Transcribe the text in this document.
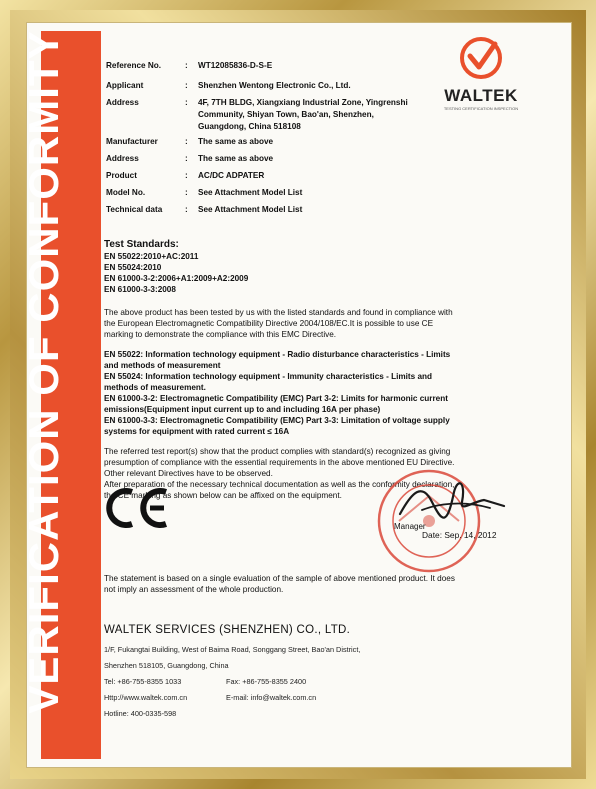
VERIFICATION OF CONFORMITY	WALTEK
TESTING CERTIFICATION INSPECTION
Reference No.	: WT12085836-D-S-E
Applicant	: Shenzhen Wentong Electronic Co., Ltd.
Address	: 4F, 7TH BLDG, Xiangxiang Industrial Zone, Yingrenshi
Community, Shiyan Town, Bao'an, Shenzhen,
Guangdong, China 518108
Manufacturer	: The same as above
Address	: The same as above
Product	: AC/DC ADPATER
Model No.	: See Attachment Model List
Technical data	: See Attachment Model List
Test Standards:
EN 55022:2010+AC:2011
EN 55024:2010
EN 61000-3-2:2006+A1:2009+A2:2009
EN 61000-3-3:2008
The above product has been tested by us with the listed standards and found in compliance with
the European Electromagnetic Compatibility Directive 2004/108/EC.It is possible to use CE
marking to demonstrate the compliance with this EMC Directive.
EN 55022: Information technology equipment - Radio disturbance characteristics - Limits
and methods of measurement
EN 55024: Information technology equipment - Immunity characteristics - Limits and
methods of measurement.
EN 61000-3-2: Electromagnetic Compatibility (EMC) Part 3-2: Limits for harmonic current
emissions(Equipment input current up to and including 16A per phase)
EN 61000-3-3: Electromagnetic Compatibility (EMC) Part 3-3: Limitation of voltage supply
systems for equipment with rated current ≤ 16A
The referred test report(s) show that the product complies with standard(s) recognized as giving
presumption of compliance with the essential requirements in the above mentioned EU Directive.
Other relevant Directives have to be observed.
After preparation of the necessary technical documentation as well as the conformity declaration,
the CE marking as shown below can be affixed on the equipment.
Manager
Date: Sep. 14, 2012
The statement is based on a single evaluation of the sample of above mentioned product. It does
not imply an assessment of the whole production.
WALTEK SERVICES (SHENZHEN) CO., LTD.
1/F, Fukangtai Building, West of Baima Road, Songgang Street, Bao'an District,
Shenzhen 518105, Guangdong, China
Tel: +86-755-8355 1033	Fax: +86-755-8355 2400
Http://www.waltek.com.cn	E-mail: info@waltek.com.cn
Hotline: 400-0335-598
